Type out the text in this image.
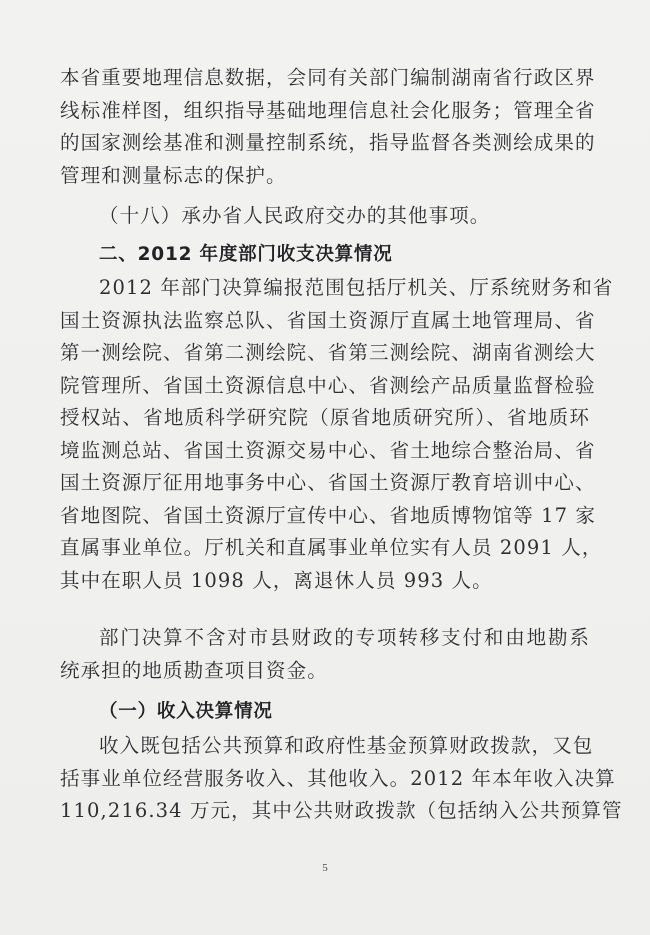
本省重要地理信息数据，会同有关部门编制湖南省行政区界
线标准样图，组织指导基础地理信息社会化服务；管理全省
的国家测绘基准和测量控制系统，指导监督各类测绘成果的
管理和测量标志的保护。
（十八）承办省人民政府交办的其他事项。
二、2012 年度部门收支决算情况
2012 年部门决算编报范围包括厅机关、厅系统财务和省
国土资源执法监察总队、省国土资源厅直属土地管理局、省
第一测绘院、省第二测绘院、省第三测绘院、湖南省测绘大
院管理所、省国土资源信息中心、省测绘产品质量监督检验
授权站、省地质科学研究院（原省地质研究所）、省地质环
境监测总站、省国土资源交易中心、省土地综合整治局、省
国土资源厅征用地事务中心、省国土资源厅教育培训中心、
省地图院、省国土资源厅宣传中心、省地质博物馆等 17 家
直属事业单位。厅机关和直属事业单位实有人员 2091 人，
其中在职人员 1098 人，离退休人员 993 人。
部门决算不含对市县财政的专项转移支付和由地勘系
统承担的地质勘查项目资金。
（一）收入决算情况
收入既包括公共预算和政府性基金预算财政拨款，又包
括事业单位经营服务收入、其他收入。2012 年本年收入决算
110,216.34 万元，其中公共财政拨款（包括纳入公共预算管
5
